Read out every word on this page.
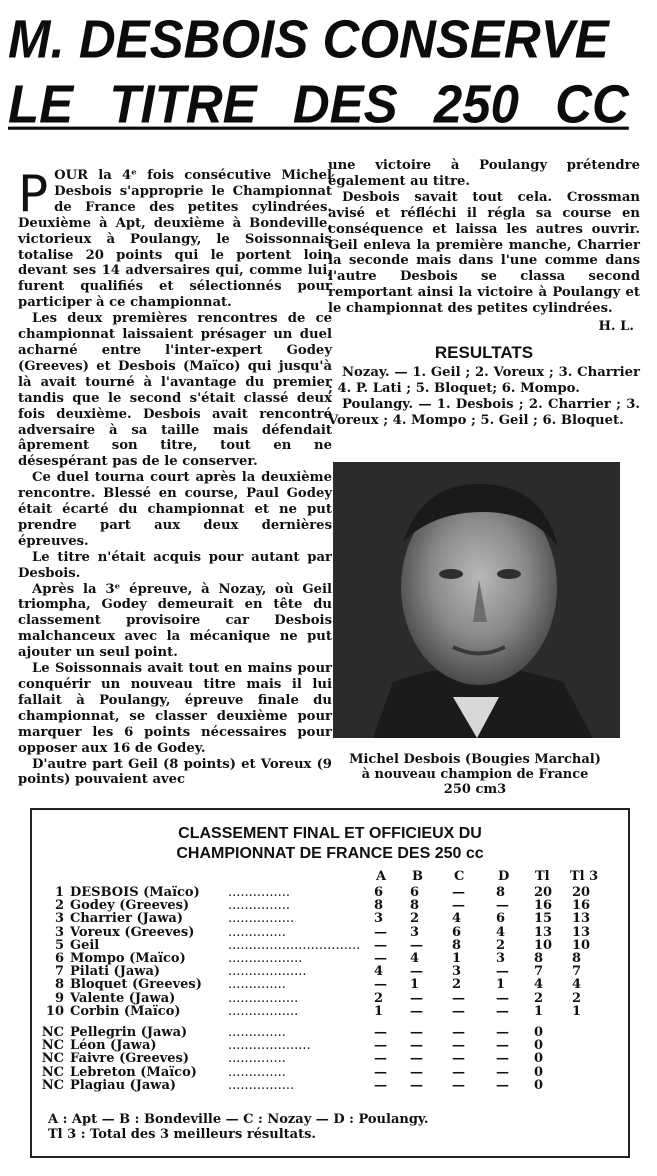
M. DESBOIS CONSERVE
LE TITRE DES 250 CC
P OUR la 4ᵉ fois consécutive Michel Desbois s'approprie le Championnat de France des petites cylindrées. Deuxième à Apt, deuxième à Bondeville, victorieux à Poulangy, le Soissonnais totalise 20 points qui le portent loin devant ses 14 adversaires qui, comme lui, furent qualifiés et sélectionnés pour participer à ce championnat.

Les deux premières rencontres de ce championnat laissaient présager un duel acharné entre l'inter-expert Godey (Greeves) et Desbois (Maïco) qui jusqu'à là avait tourné à l'avantage du premier tandis que le second s'était classé deux fois deuxième. Desbois avait rencontré adversaire à sa taille mais défendait âprement son titre, tout en ne désespérant pas de le conserver.

Ce duel tourna court après la deuxième rencontre. Blessé en course, Paul Godey était écarté du championnat et ne put prendre part aux deux dernières épreuves.

Le titre n'était acquis pour autant par Desbois.

Après la 3ᵉ épreuve, à Nozay, où Geil triompha, Godey demeurait en tête du classement provisoire car Desbois malchanceux avec la mécanique ne put ajouter un seul point.

Le Soissonnais avait tout en mains pour conquérir un nouveau titre mais il lui fallait à Poulangy, épreuve finale du championnat, se classer deuxième pour marquer les 6 points nécessaires pour opposer aux 16 de Godey.

D'autre part Geil (8 points) et Voreux (9 points) pouvaient avec

une victoire à Poulangy prétendre également au titre.

Desbois savait tout cela. Crossman avisé et réfléchi il régla sa course en conséquence et laissa les autres ouvrir. Geil enleva la première manche, Charrier la seconde mais dans l'une comme dans l'autre Desbois se classa second remportant ainsi la victoire à Poulangy et le championnat des petites cylindrées.

H. L.
RESULTATS

Nozay. — 1. Geil ; 2. Voreux ; 3. Charrier ; 4. P. Lati ; 5. Bloquet; 6. Mompo.

Poulangy. — 1. Desbois ; 2. Charrier ; 3. Voreux ; 4. Mompo ; 5. Geil ; 6. Bloquet.

Michel Desbois (Bougies Marchal)
à nouveau champion de France
250 cm3
CLASSEMENT FINAL ET OFFICIEUX DU
CHAMPIONNAT DE FRANCE DES 250 cc
A B C	D Tl Tl 3
1 DESBOIS (Maïco) ...............	6 6	— 8 20 20
2 Godey (Greeves)	...............	8 8	— — 16 16
3 Charrier (Jawa)	................	3 2	4	6 15 13
3 Voreux (Greeves)	..............	— 3	6	4 13 13
5 Geil	................................ — — 8	2 10 10
6 Mompo (Maïco)	..................	— 4	1	3 8 8
7 Pilati (Jawa)	...................	4 — 3	— 7 7
8 Bloquet (Greeves) ..............	— 1	2	1 4 4
9 Valente (Jawa)	.................	2 — — — 2 2
10 Corbin (Maïco)	.................	1 — — — 1 1
NC Pellegrin (Jawa)	..............	— — — — 0
NC Léon (Jawa)	....................	— — — — 0
NC Faivre (Greeves)	..............	— — — — 0
NC Lebreton (Maïco) ..............	— — — — 0
NC Plagiau (Jawa)	................	— — — — 0
A : Apt — B : Bondeville — C : Nozay — D : Poulangy.
Tl 3 : Total des 3 meilleurs résultats.
